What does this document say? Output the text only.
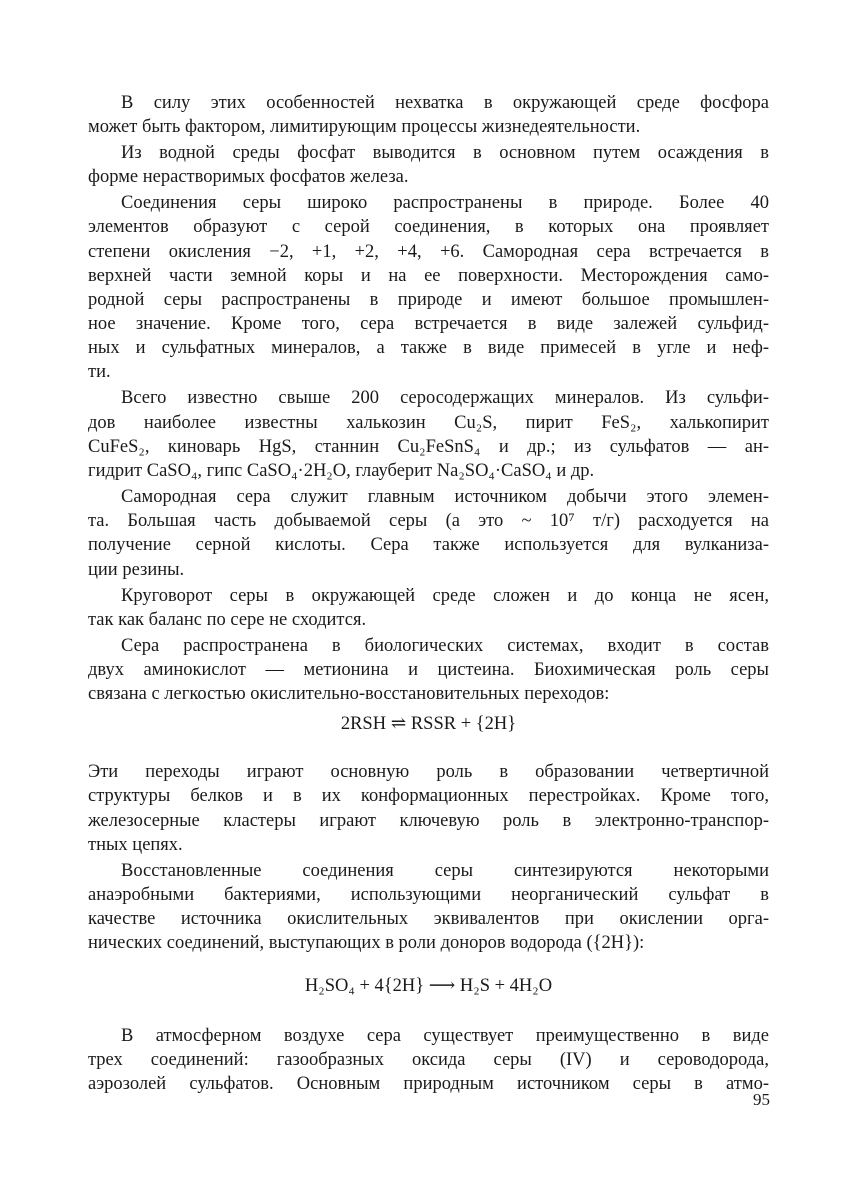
В силу этих особенностей нехватка в окружающей среде фосфора
может быть фактором, лимитирующим процессы жизнедеятельности.
Из водной среды фосфат выводится в основном путем осаждения в
форме нерастворимых фосфатов железа.
Соединения серы широко распространены в природе. Более 40
элементов образуют с серой соединения, в которых она проявляет
степени окисления −2, +1, +2, +4, +6. Самородная сера встречается в
верхней части земной коры и на ее поверхности. Месторождения само-
родной серы распространены в природе и имеют большое промышлен-
ное значение. Кроме того, сера встречается в виде залежей сульфид-
ных и сульфатных минералов, а также в виде примесей в угле и неф-
ти.
Всего известно свыше 200 серосодержащих минералов. Из сульфи-
дов наиболее известны халькозин Cu₂S, пирит FeS₂, халькопирит
CuFeS₂, киноварь HgS, станнин Cu₂FeSnS₄ и др.; из сульфатов — ан-
гидрит CaSO₄, гипс CaSO₄·2H₂O, глауберит Na₂SO₄·CaSO₄ и др.
Самородная сера служит главным источником добычи этого элемен-
та. Большая часть добываемой серы (а это ~ 10⁷ т/г) расходуется на
получение серной кислоты. Сера также используется для вулканиза-
ции резины.
Круговорот серы в окружающей среде сложен и до конца не ясен,
так как баланс по сере не сходится.
Сера распространена в биологических системах, входит в состав
двух аминокислот — метионина и цистеина. Биохимическая роль серы
связана с легкостью окислительно-восстановительных переходов:
2RSH ⇌ RSSR + {2H}
Эти переходы играют основную роль в образовании четвертичной
структуры белков и в их конформационных перестройках. Кроме того,
железосерные кластеры играют ключевую роль в электронно-транспор-
тных цепях.
Восстановленные соединения серы синтезируются некоторыми
анаэробными бактериями, использующими неорганический сульфат в
качестве источника окислительных эквивалентов при окислении орга-
нических соединений, выступающих в роли доноров водорода ({2H}):
H₂SO₄ + 4{2H} ⟶ H₂S + 4H₂O
В атмосферном воздухе сера существует преимущественно в виде
трех соединений: газообразных оксида серы (IV) и сероводорода,
аэрозолей сульфатов. Основным природным источником серы в атмо-
95
